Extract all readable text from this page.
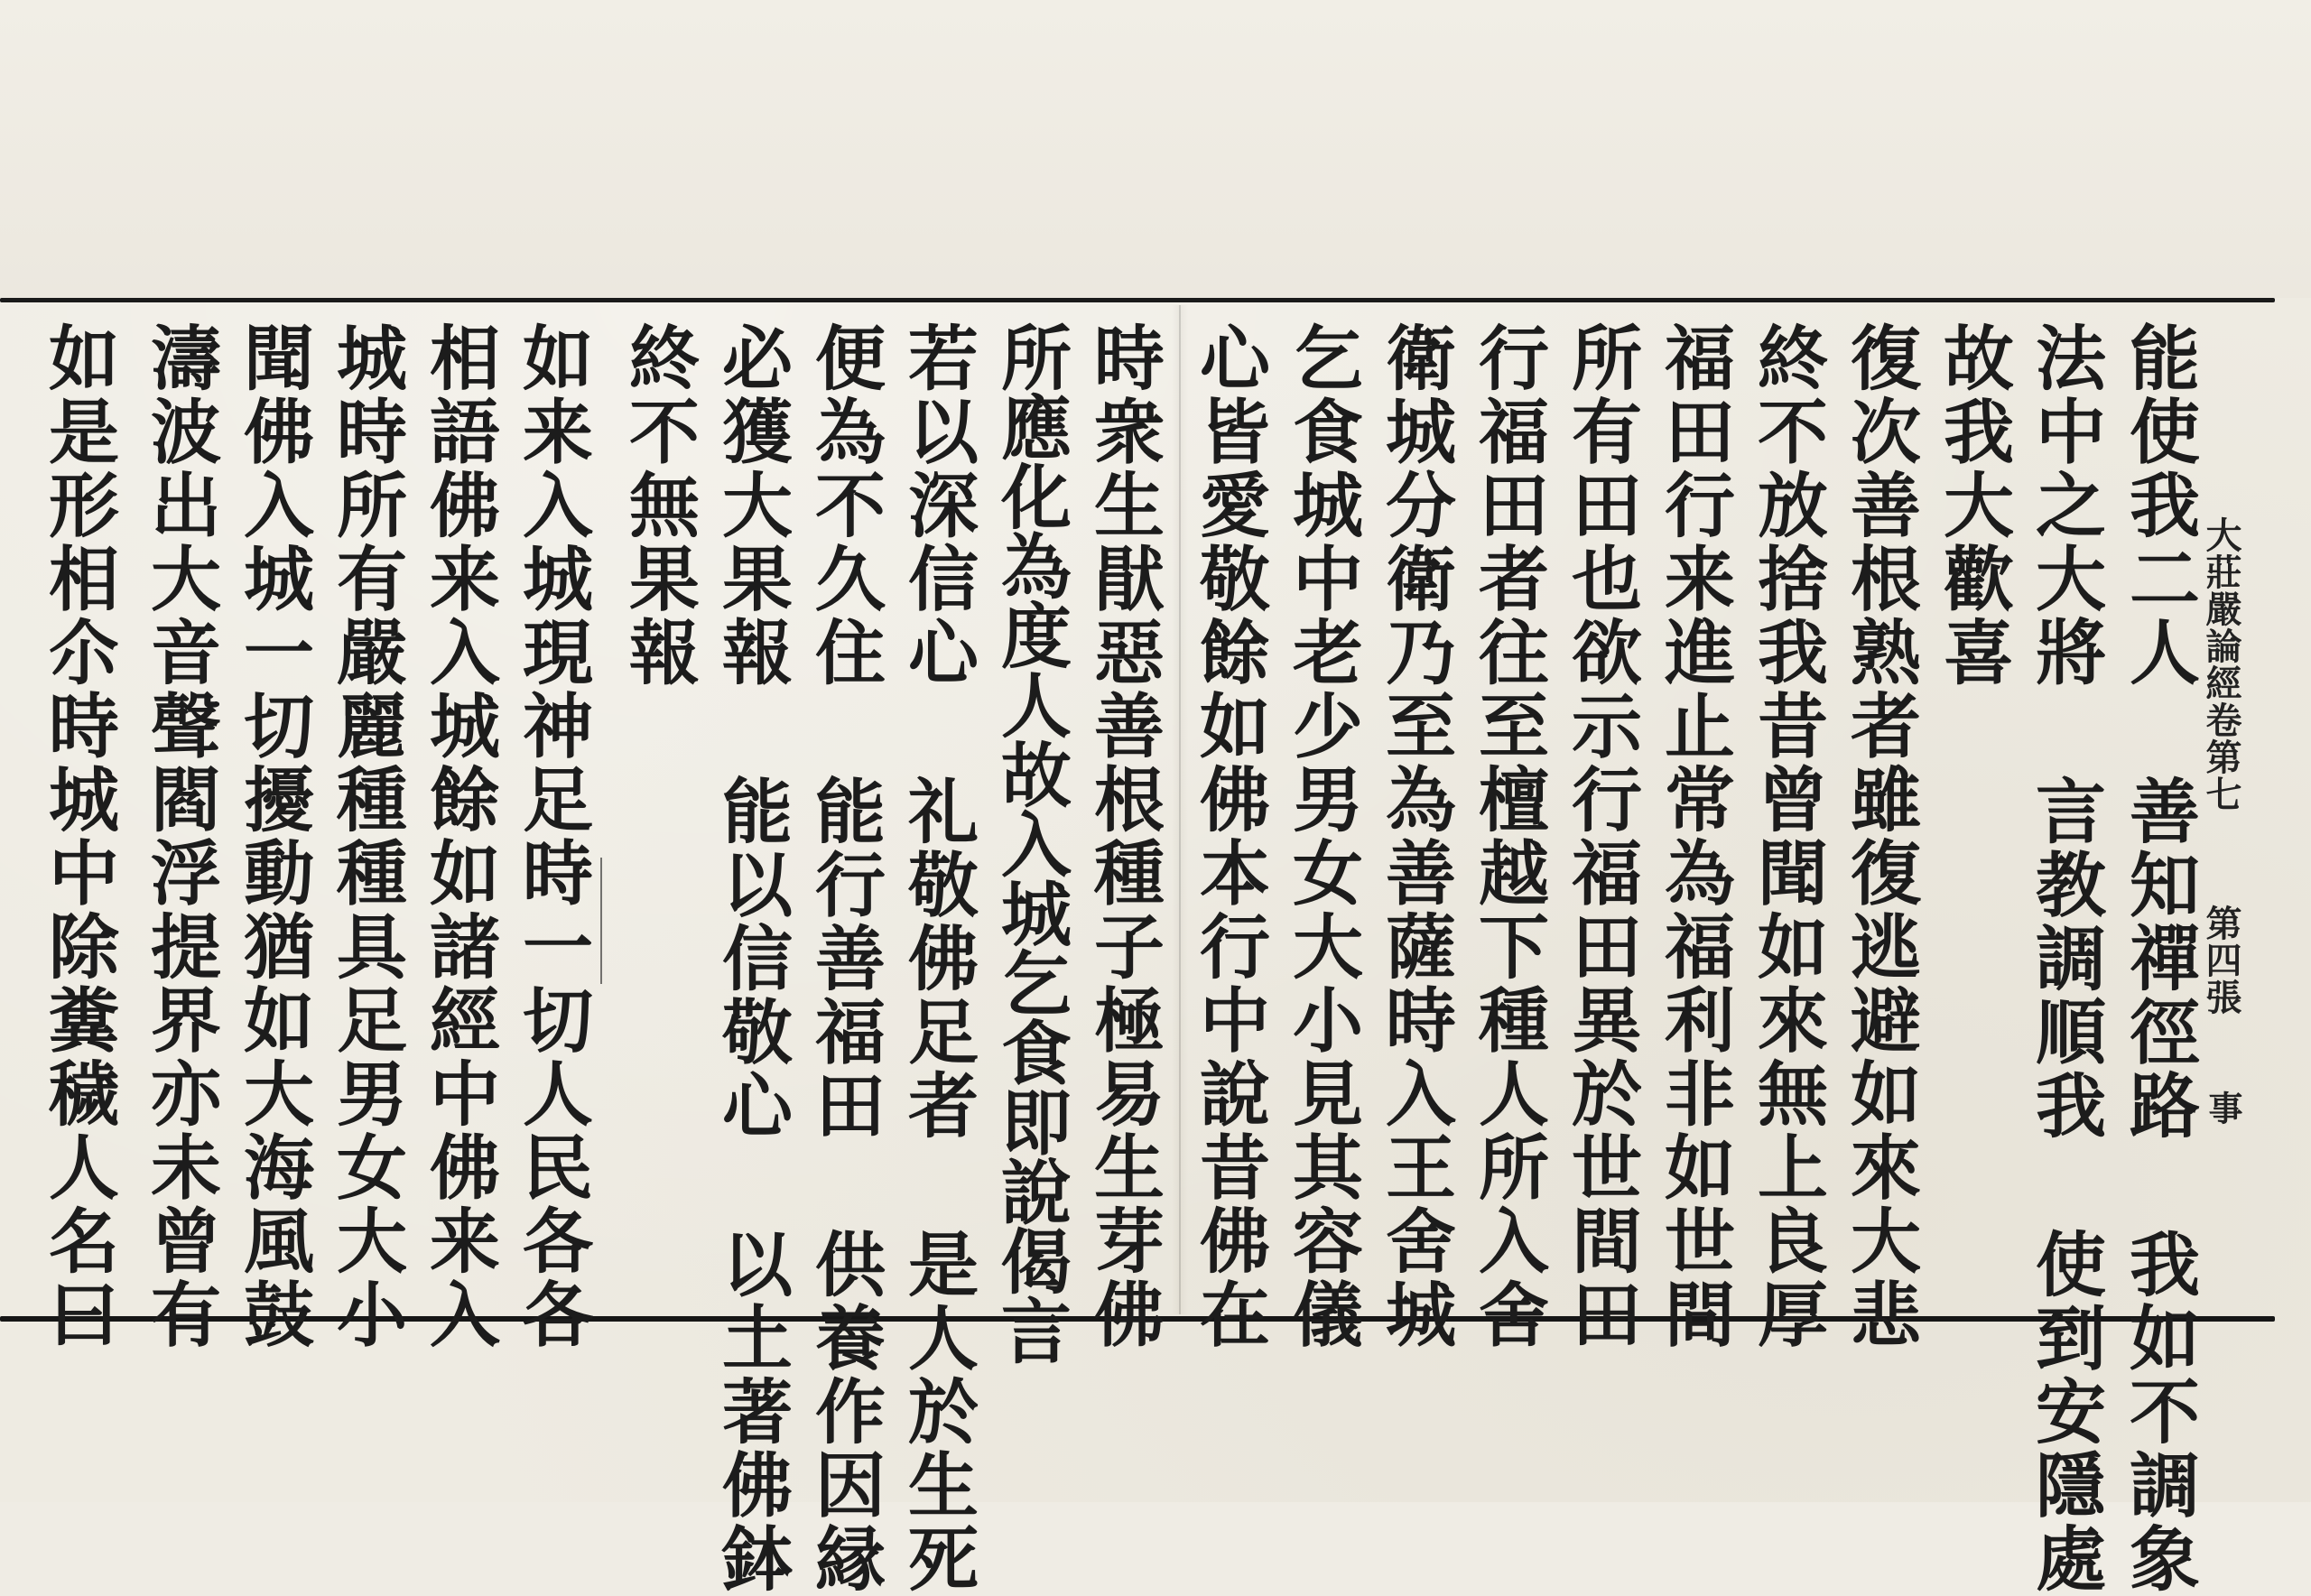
大莊嚴論經卷第七
第四張
事
能使我二人 善知禪徑路 我如不調象
法中之大將 言教調順我 使到安隱處
故我大歡喜
復次善根熟者雖復逃避如來大悲
終不放捨我昔曾聞如來無上良厚
福田行来進止常為福利非如世間
所有田也欲示行福田異於世間田
行福田者往至檀越下種人所入舍
衛城分衛乃至為善薩時入王舍城
乞食城中老少男女大小見其容儀
心皆愛敬餘如佛本行中說昔佛在
時衆生猒惡善根種子極易生芽佛
所應化為度人故入城乞食即說偈言
若以深信心 礼敬佛足者 是人於生死
便為不久住 能行善福田 供養作因縁
必獲大果報 能以信敬心 以土著佛鉢
終不無果報
如来入城現神足時一切人民各各
相語佛来入城餘如諸經中佛来入
城時所有嚴麗種種具足男女大小
聞佛入城一切擾動猶如大海風鼓
濤波出大音聲閻浮提界亦未曾有
如是形相尒時城中除糞穢人名曰
